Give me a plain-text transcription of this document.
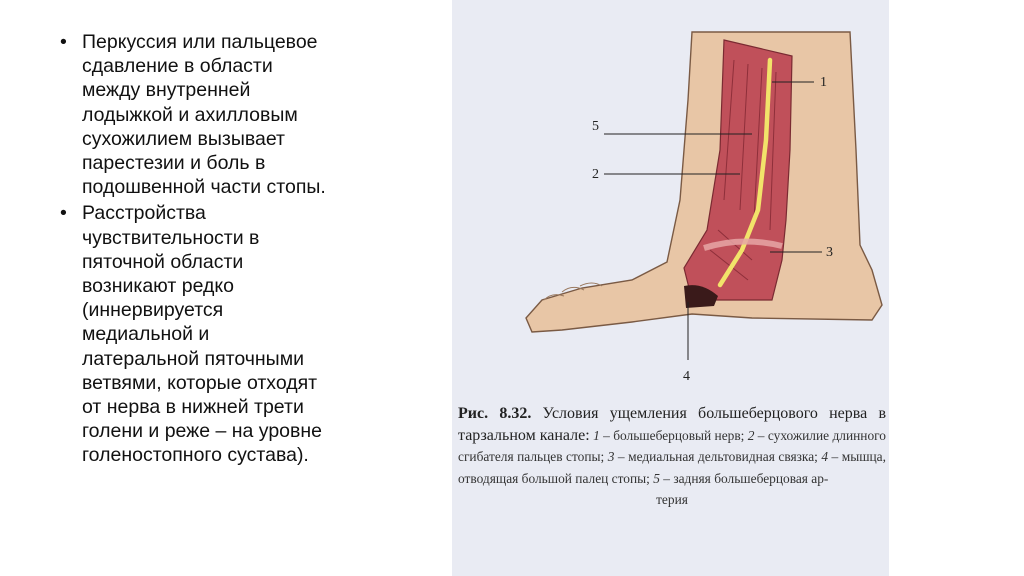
• Перкуссия или пальцевое
сдавление в области
между внутренней
лодыжкой и ахилловым
сухожилием вызывает
парестезии и боль в
подошвенной части стопы.
• Расстройства
чувствительности в
пяточной области
возникают редко
(иннервируется
медиальной и
латеральной пяточными
ветвями, которые отходят
от нерва в нижней трети
голени и реже – на уровне
голеностопного сустава).
1
5
2
3
4
Рис. 8.32. Условия ущемления большеберцового нерва в тарзальном канале: 1 – большеберцовый нерв; 2 – сухожилие длинного сгибателя пальцев стопы; 3 – медиальная дельтовидная связка; 4 – мышца, отводящая большой палец стопы; 5 – задняя большеберцовая ар-
терия
